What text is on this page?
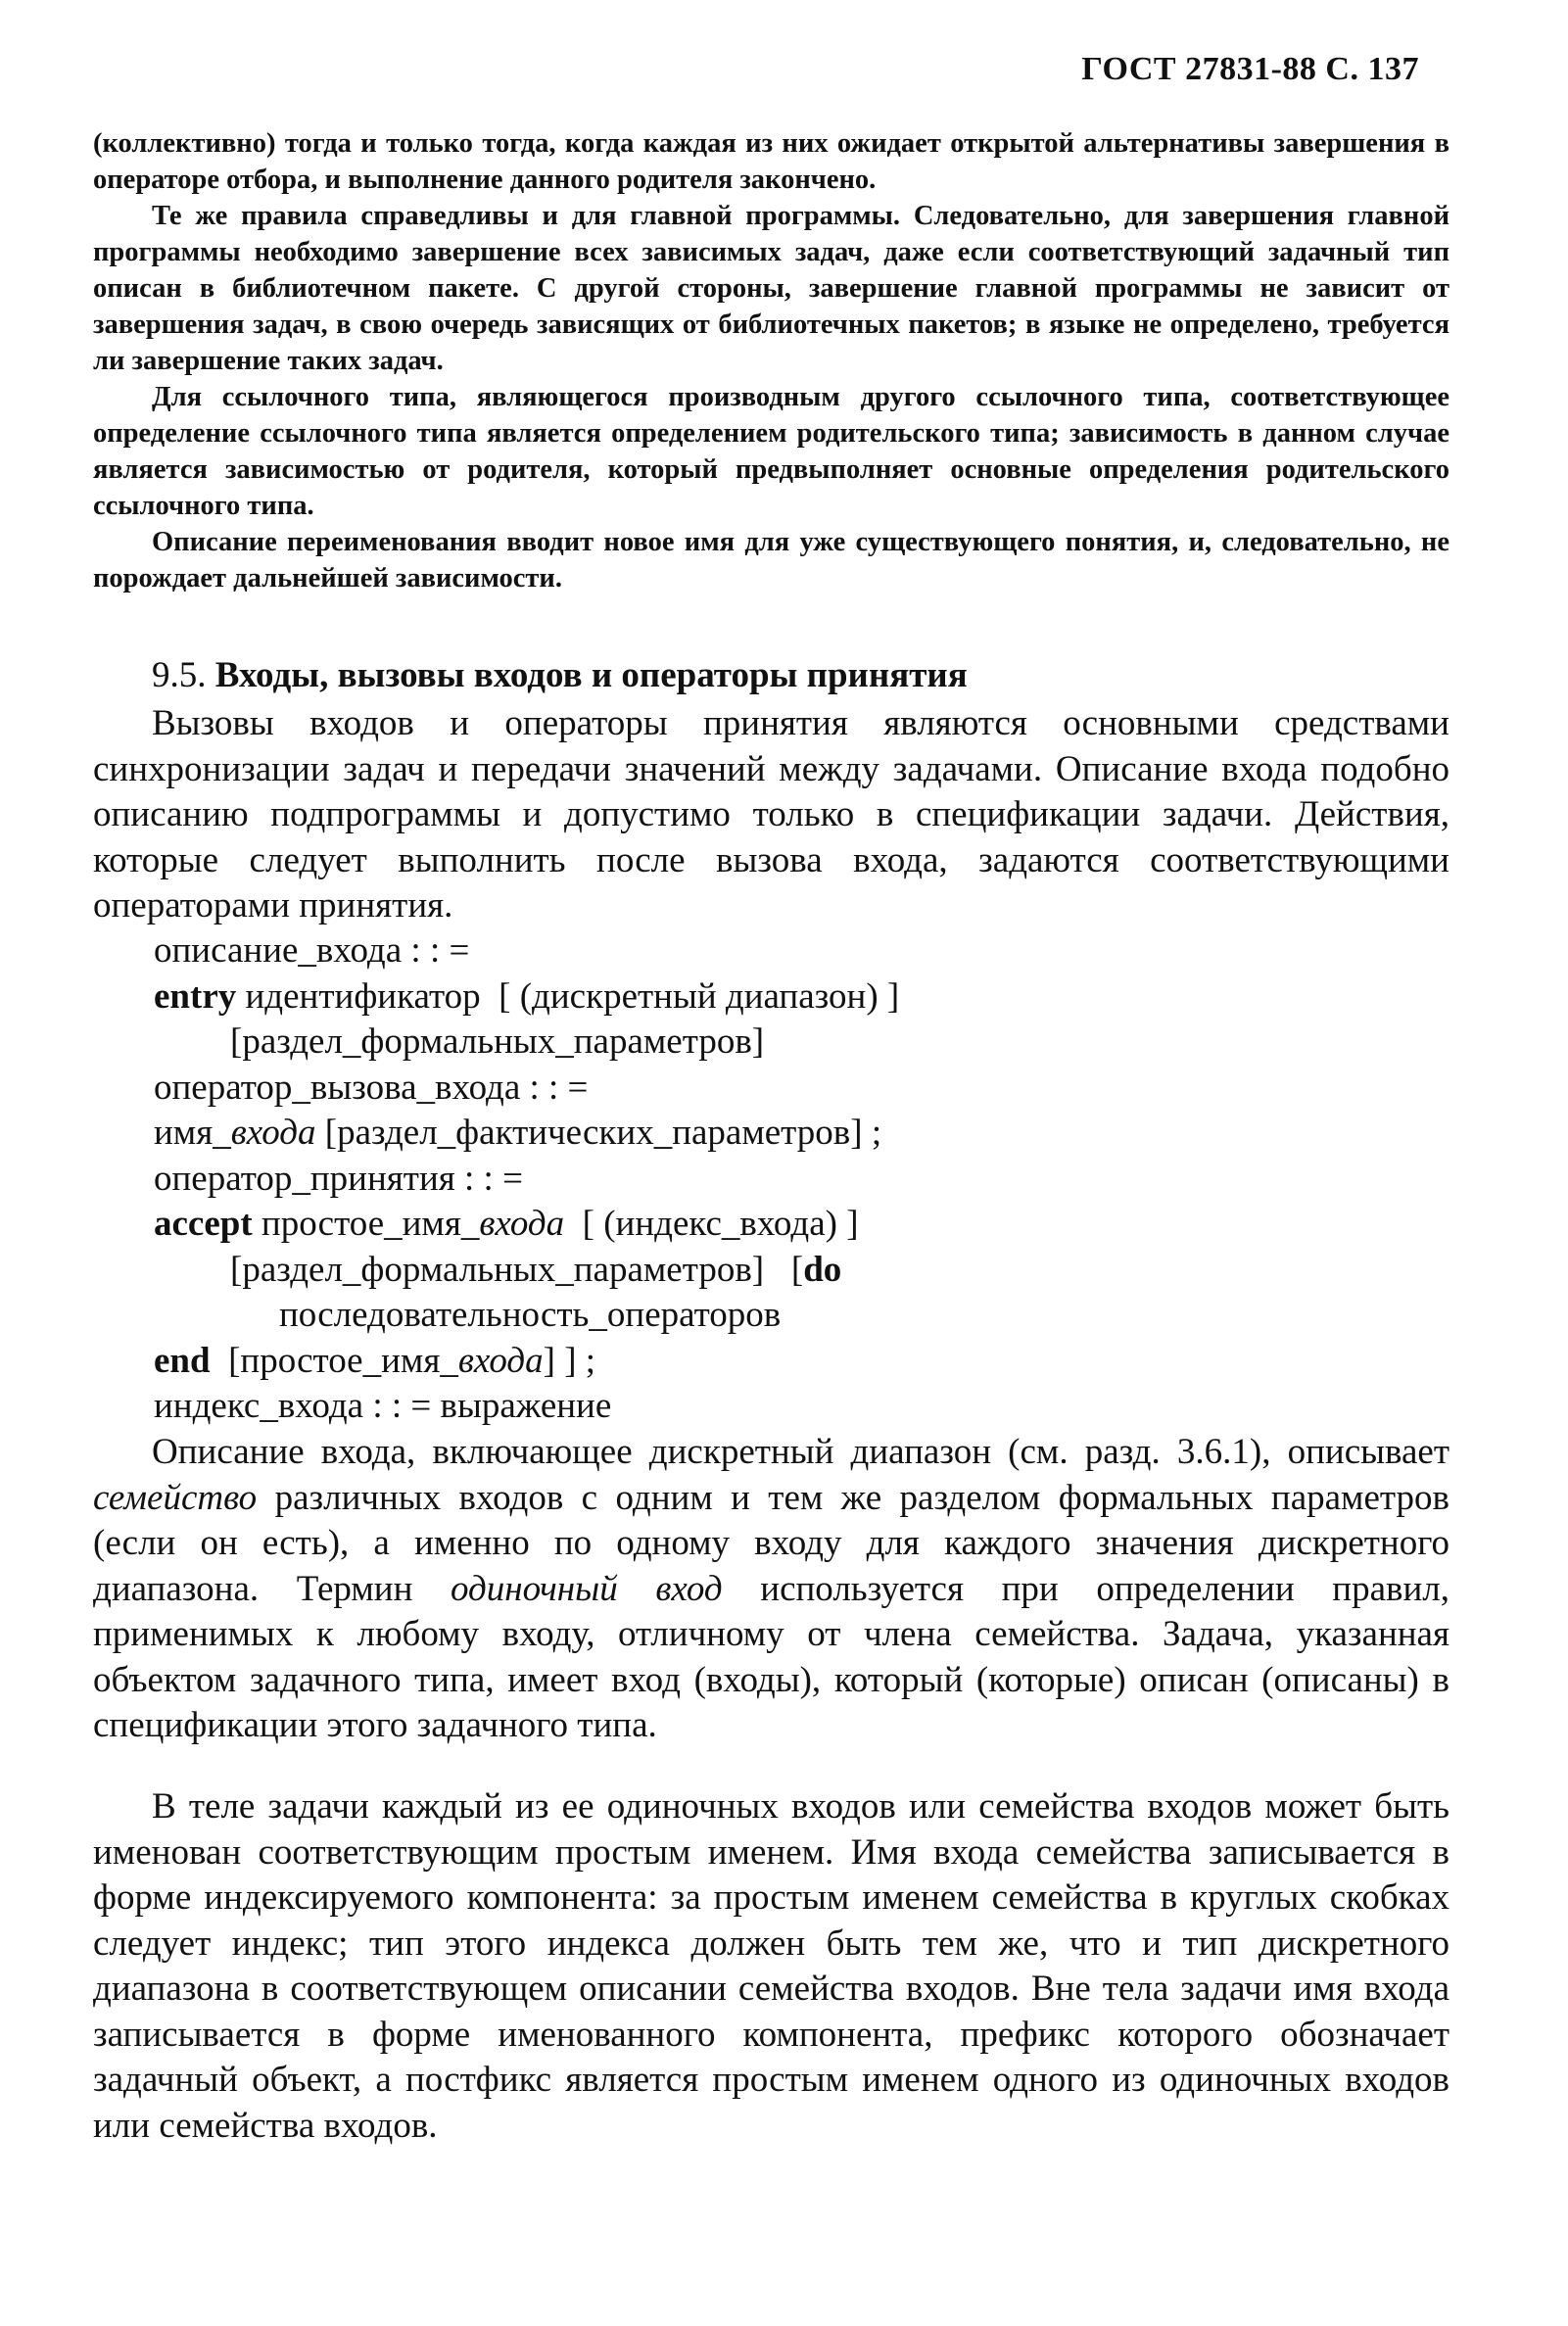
ГОСТ 27831-88 С. 137

(коллективно) тогда и только тогда, когда каждая из них ожидает открытой альтернативы завершения в операторе отбора, и выполнение данного родителя закончено.

Те же правила справедливы и для главной программы. Следовательно, для завершения главной программы необходимо завершение всех зависимых задач, даже если соответствующий задачный тип описан в библиотечном пакете. С другой стороны, завершение главной программы не зависит от завершения задач, в свою очередь зависящих от библиотечных пакетов; в языке не определено, требуется ли завершение таких задач.

Для ссылочного типа, являющегося производным другого ссылочного типа, соответствующее определение ссылочного типа является определением родительского типа; зависимость в данном случае является зависимостью от родителя, который предвыполняет основные определения родительского ссылочного типа.

Описание переименования вводит новое имя для уже существующего понятия, и, следовательно, не порождает дальнейшей зависимости.

9.5. Входы, вызовы входов и операторы принятия

Вызовы входов и операторы принятия являются основными средствами синхронизации задач и передачи значений между задачами. Описание входа подобно описанию подпрограммы и допустимо только в спецификации задачи. Действия, которые следует выполнить после вызова входа, задаются соответствующими операторами принятия.

описание_входа : : =
entry идентификатор  [ (дискретный диапазон) ]
[раздел_формальных_параметров]
оператор_вызова_входа : : =
имя_входа [раздел_фактических_параметров] ;
оператор_принятия : : =
accept простое_имя_входа  [ (индекс_входа) ]
[раздел_формальных_параметров]   [do
последовательность_операторов
end  [простое_имя_входа] ] ;
индекс_входа : : = выражение

Описание входа, включающее дискретный диапазон (см. разд. 3.6.1), описывает семейство различных входов с одним и тем же разделом формальных параметров (если он есть), а именно по одному входу для каждого значения дискретного диапазона. Термин одиночный вход используется при определении правил, применимых к любому входу, отличному от члена семейства. Задача, указанная объектом задачного типа, имеет вход (входы), который (которые) описан (описаны) в спецификации этого задачного типа.

В теле задачи каждый из ее одиночных входов или семейства входов может быть именован соответствующим простым именем. Имя входа семейства записывается в форме индексируемого компонента: за простым именем семейства в круглых скобках следует индекс; тип этого индекса должен быть тем же, что и тип дискретного диапазона в соответствующем описании семейства входов. Вне тела задачи имя входа записывается в форме именованного компонента, префикс которого обозначает задачный объект, а постфикс является простым именем одного из одиночных входов или семейства входов.
